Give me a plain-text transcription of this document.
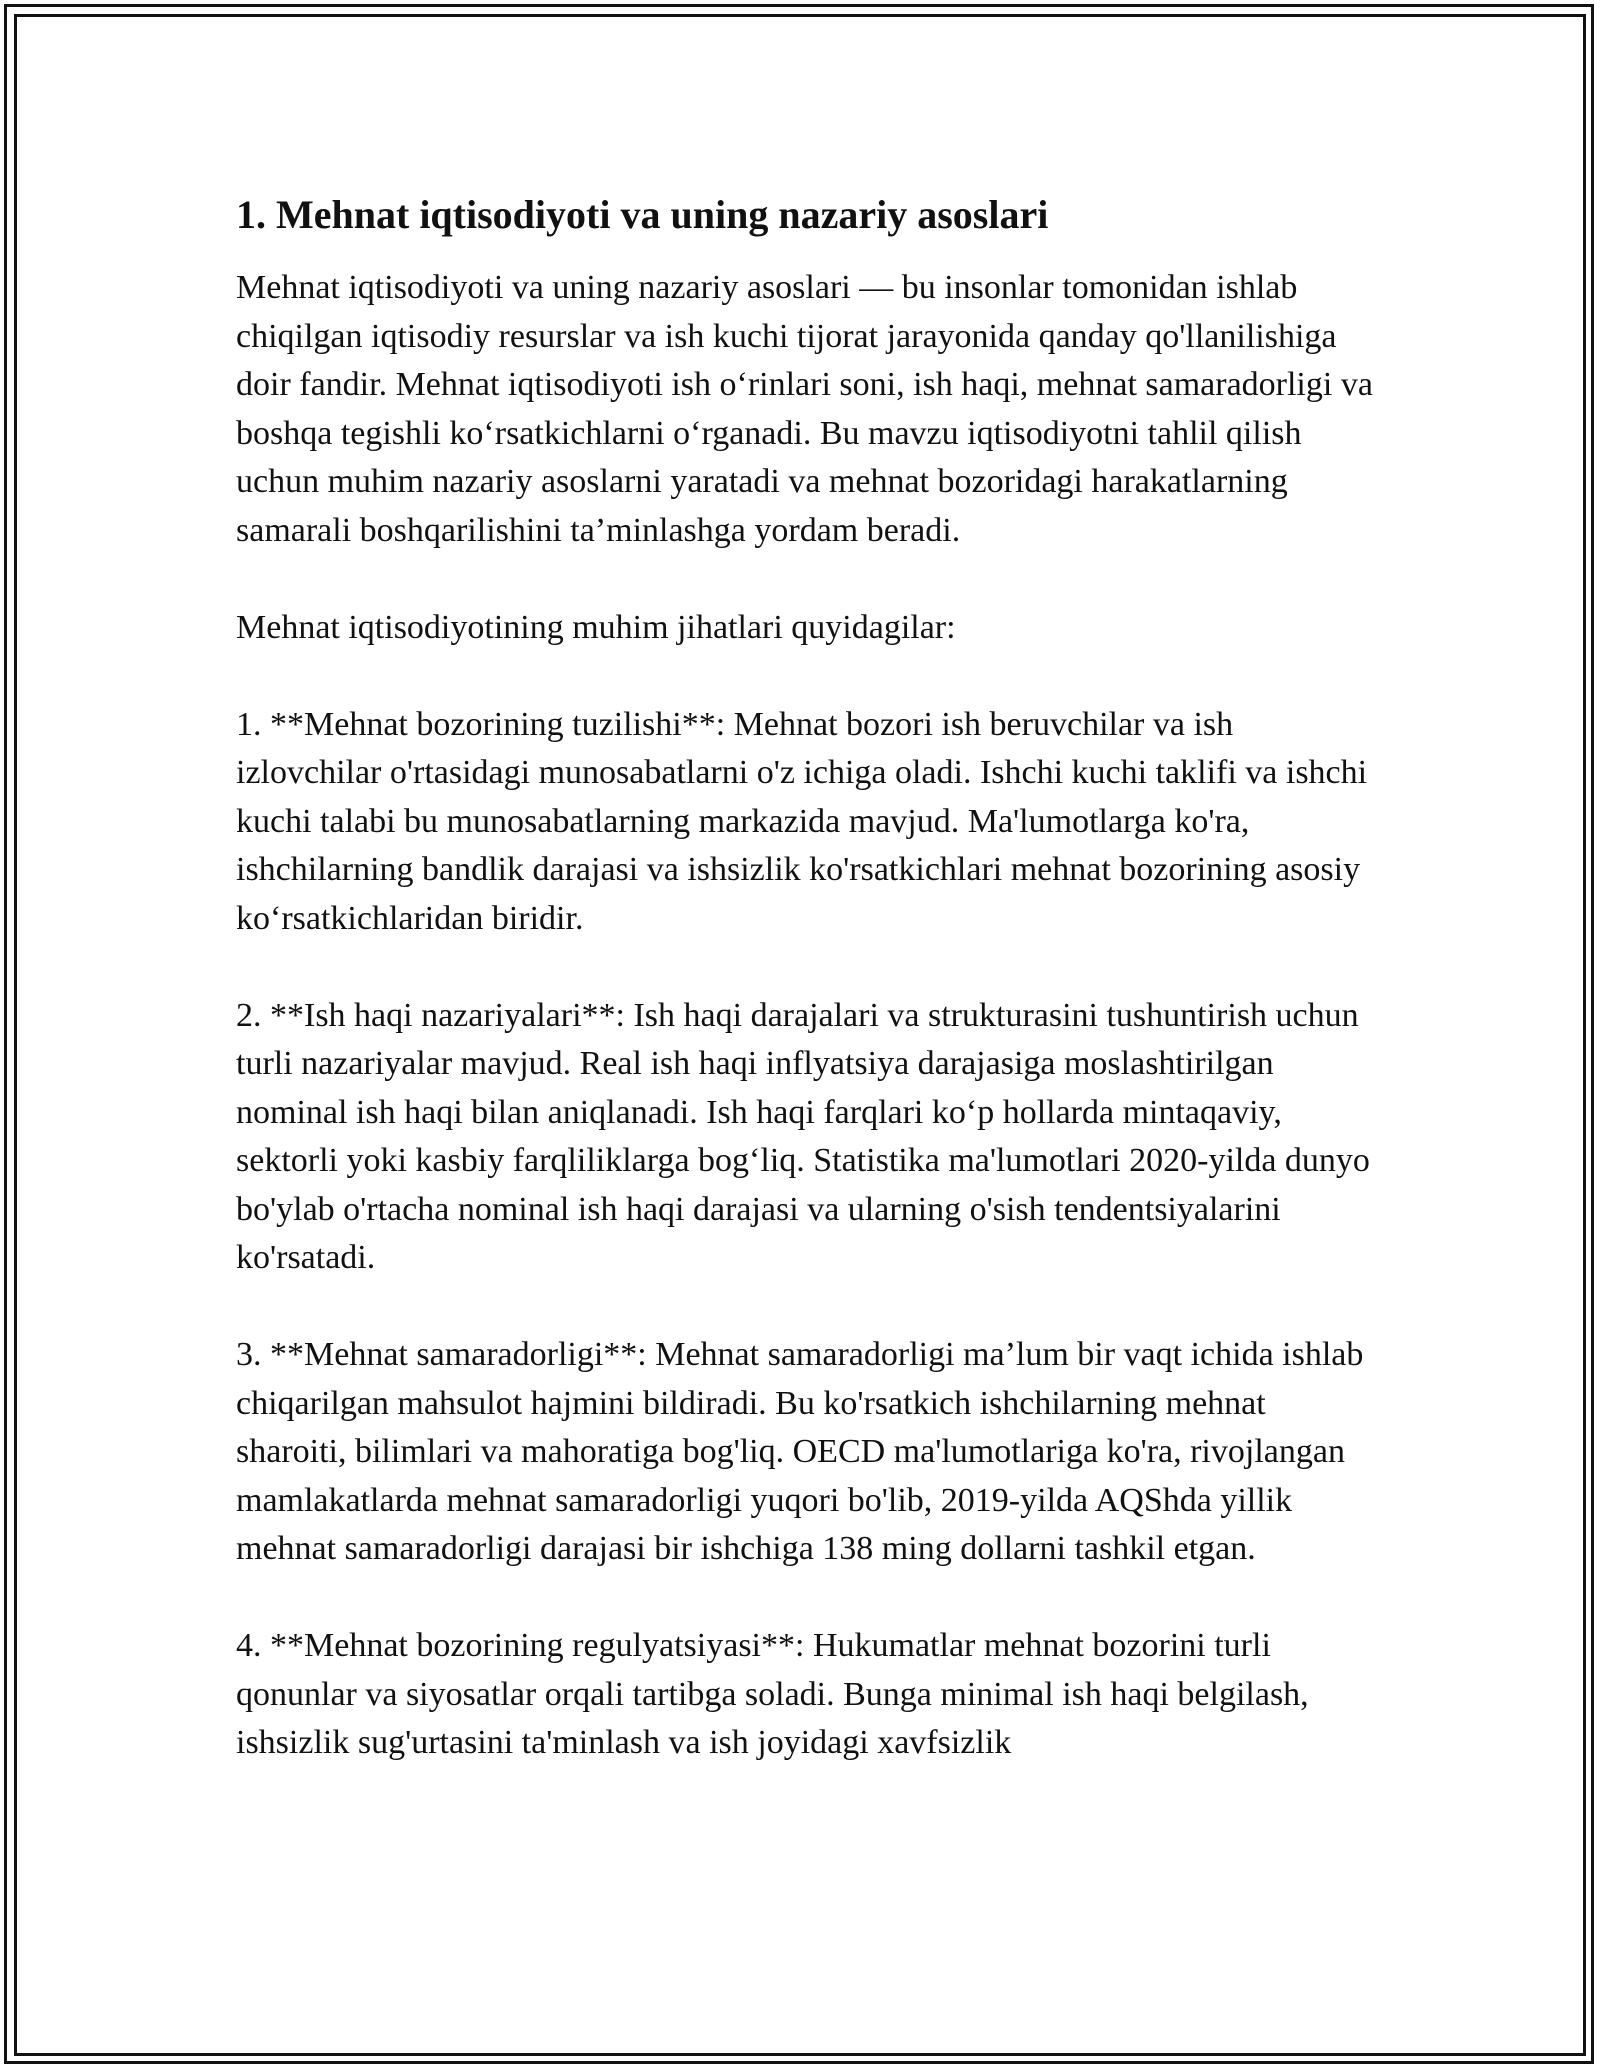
1. Mehnat iqtisodiyoti va uning nazariy asoslari

Mehnat iqtisodiyoti va uning nazariy asoslari — bu insonlar tomonidan ishlab chiqilgan iqtisodiy resurslar va ish kuchi tijorat jarayonida qanday qo'llanilishiga doir fandir. Mehnat iqtisodiyoti ish o‘rinlari soni, ish haqi, mehnat samaradorligi va boshqa tegishli ko‘rsatkichlarni o‘rganadi. Bu mavzu iqtisodiyotni tahlil qilish uchun muhim nazariy asoslarni yaratadi va mehnat bozoridagi harakatlarning samarali boshqarilishini ta’minlashga yordam beradi.

Mehnat iqtisodiyotining muhim jihatlari quyidagilar:

1. **Mehnat bozorining tuzilishi**: Mehnat bozori ish beruvchilar va ish izlovchilar o'rtasidagi munosabatlarni o'z ichiga oladi. Ishchi kuchi taklifi va ishchi kuchi talabi bu munosabatlarning markazida mavjud. Ma'lumotlarga ko'ra, ishchilarning bandlik darajasi va ishsizlik ko'rsatkichlari mehnat bozorining asosiy ko‘rsatkichlaridan biridir.

2. **Ish haqi nazariyalari**: Ish haqi darajalari va strukturasini tushuntirish uchun turli nazariyalar mavjud. Real ish haqi inflyatsiya darajasiga moslashtirilgan nominal ish haqi bilan aniqlanadi. Ish haqi farqlari ko‘p hollarda mintaqaviy, sektorli yoki kasbiy farqliliklarga bog‘liq. Statistika ma'lumotlari 2020-yilda dunyo bo'ylab o'rtacha nominal ish haqi darajasi va ularning o'sish tendentsiyalarini ko'rsatadi.

3. **Mehnat samaradorligi**: Mehnat samaradorligi ma’lum bir vaqt ichida ishlab chiqarilgan mahsulot hajmini bildiradi. Bu ko'rsatkich ishchilarning mehnat sharoiti, bilimlari va mahoratiga bog'liq. OECD ma'lumotlariga ko'ra, rivojlangan mamlakatlarda mehnat samaradorligi yuqori bo'lib, 2019-yilda AQShda yillik mehnat samaradorligi darajasi bir ishchiga 138 ming dollarni tashkil etgan.

4. **Mehnat bozorining regulyatsiyasi**: Hukumatlar mehnat bozorini turli qonunlar va siyosatlar orqali tartibga soladi. Bunga minimal ish haqi belgilash, ishsizlik sug'urtasini ta'minlash va ish joyidagi xavfsizlik
